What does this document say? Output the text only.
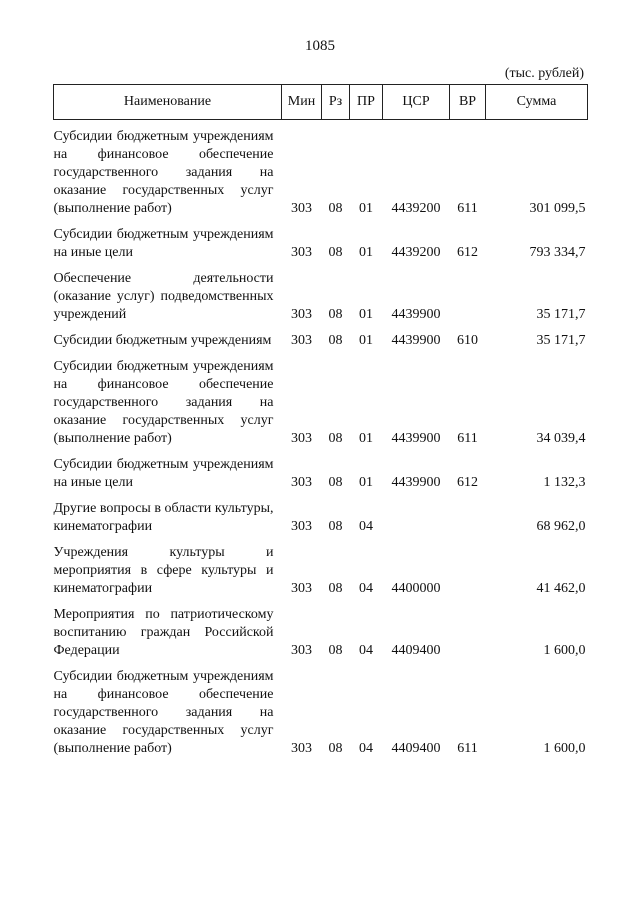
1085
(тыс. рублей)
Наименование	Мин	Рз	ПР	ЦСР	ВР	Сумма
Субсидии бюджетным учреждениям на финансовое обеспечение государственного задания на оказание государственных услуг (выполнение работ)	303	08	01	4439200	611	301 099,5
Субсидии бюджетным учреждениям на иные цели	303	08	01	4439200	612	793 334,7
Обеспечение деятельности (оказание услуг) подведомственных учреждений	303	08	01	4439900		35 171,7
Субсидии бюджетным учреждениям	303	08	01	4439900	610	35 171,7
Субсидии бюджетным учреждениям на финансовое обеспечение государственного задания на оказание государственных услуг (выполнение работ)	303	08	01	4439900	611	34 039,4
Субсидии бюджетным учреждениям на иные цели	303	08	01	4439900	612	1 132,3
Другие вопросы в области культуры, кинематографии	303	08	04			68 962,0
Учреждения культуры и мероприятия в сфере культуры и кинематографии	303	08	04	4400000		41 462,0
Мероприятия по патриотическому воспитанию граждан Российской Федерации	303	08	04	4409400		1 600,0
Субсидии бюджетным учреждениям на финансовое обеспечение государственного задания на оказание государственных услуг (выполнение работ)	303	08	04	4409400	611	1 600,0
